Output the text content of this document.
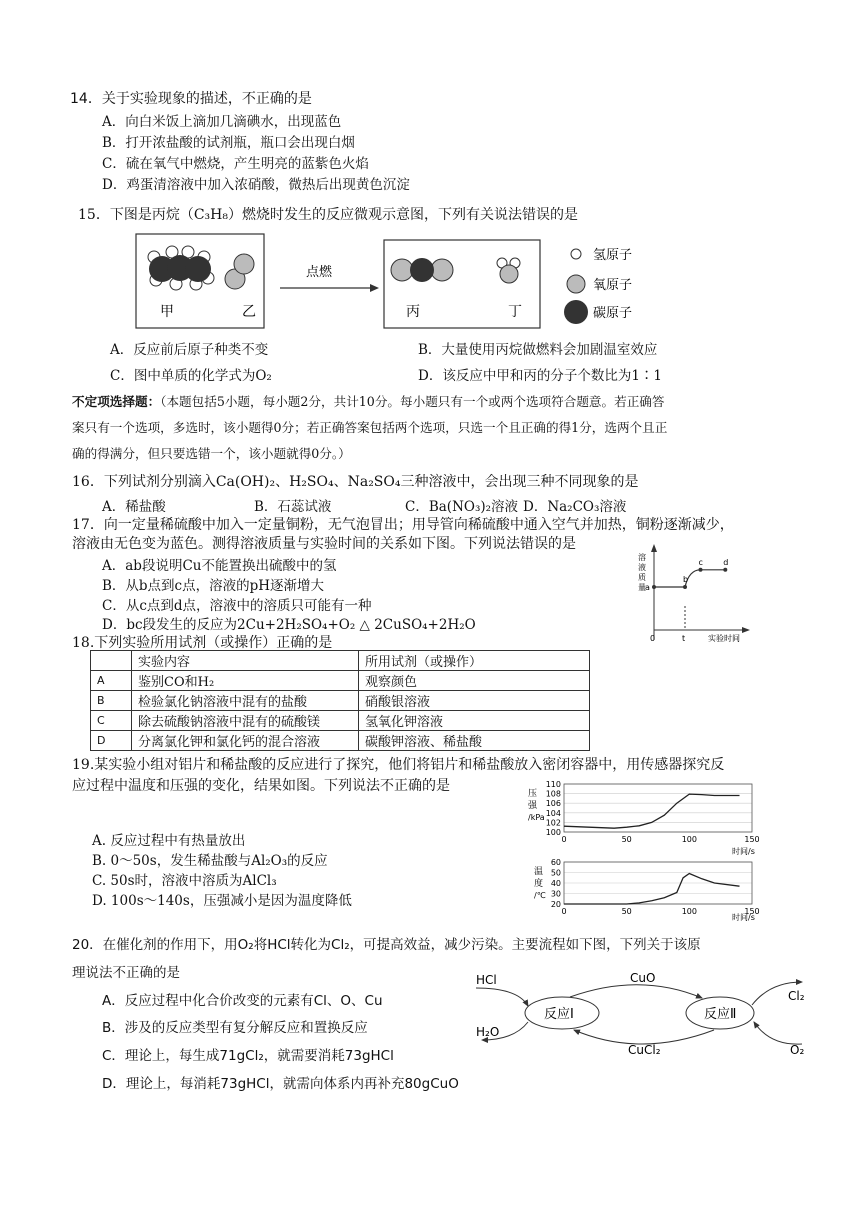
14．关于实验现象的描述，不正确的是
A．向白米饭上滴加几滴碘水，出现蓝色
B．打开浓盐酸的试剂瓶，瓶口会出现白烟
C．硫在氧气中燃烧，产生明亮的蓝紫色火焰
D．鸡蛋清溶液中加入浓硝酸，微热后出现黄色沉淀
15．下图是丙烷（C₃H₈）燃烧时发生的反应微观示意图，下列有关说法错误的是
甲	乙
点燃
丙	丁
氢原子
氧原子
碳原子
A．反应前后原子种类不变	B．大量使用丙烷做燃料会加剧温室效应
C．图中单质的化学式为O₂	D．该反应中甲和丙的分子个数比为1∶1
不定项选择题：（本题包括5小题，每小题2分，共计10分。每小题只有一个或两个选项符合题意。若正确答
案只有一个选项，多选时，该小题得0分；若正确答案包括两个选项，只选一个且正确的得1分，选两个且正
确的得满分，但只要选错一个，该小题就得0分。）
16．下列试剂分别滴入Ca(OH)₂、H₂SO₄、Na₂SO₄三种溶液中，会出现三种不同现象的是
A．稀盐酸	B．石蕊试液	C．Ba(NO₃)₂溶液 D．Na₂CO₃溶液
17．向一定量稀硫酸中加入一定量铜粉，无气泡冒出；用导管向稀硫酸中通入空气并加热，铜粉逐渐减少，
溶液由无色变为蓝色。测得溶液质量与实验时间的关系如下图。下列说法错误的是
A．ab段说明Cu不能置换出硫酸中的氢
B．从b点到c点，溶液的pH逐渐增大
C．从c点到d点，溶液中的溶质只可能有一种
D．bc段发生的反应为2Cu+2H₂SO₄+O₂ △ 2CuSO₄+2H₂O
溶
液
质
量
0	t	实验时间
a
b
c	d
18.下列实验所用试剂（或操作）正确的是
	实验内容	所用试剂（或操作）
A	鉴别CO和H₂	观察颜色
B	检验氯化钠溶液中混有的盐酸	硝酸银溶液
C	除去硫酸钠溶液中混有的硫酸镁	氢氧化钾溶液
D	分离氯化钾和氯化钙的混合溶液	碳酸钾溶液、稀盐酸
19.某实验小组对铝片和稀盐酸的反应进行了探究，他们将铝片和稀盐酸放入密闭容器中，用传感器探究反
应过程中温度和压强的变化，结果如图。下列说法不正确的是
A. 反应过程中有热量放出
B. 0～50s，发生稀盐酸与Al₂O₃的反应
C. 50s时，溶液中溶质为AlCl₃
D. 100s～140s，压强减小是因为温度降低
110
108
106
104
102
100
0	50	100	150
压
强
/kPa
时间/s
60
50
40
30
20
0	50	100	150
温
度
/℃
时间/s
20．在催化剂的作用下，用O₂将HCl转化为Cl₂，可提高效益，减少污染。主要流程如下图，下列关于该原
理说法不正确的是
A．反应过程中化合价改变的元素有Cl、O、Cu
B．涉及的反应类型有复分解反应和置换反应
C．理论上，每生成71gCl₂，就需要消耗73gHCl
D．理论上，每消耗73gHCl，就需向体系内再补充80gCuO
反应Ⅰ	反应Ⅱ
HCl
H₂O
CuO
CuCl₂
Cl₂
O₂
